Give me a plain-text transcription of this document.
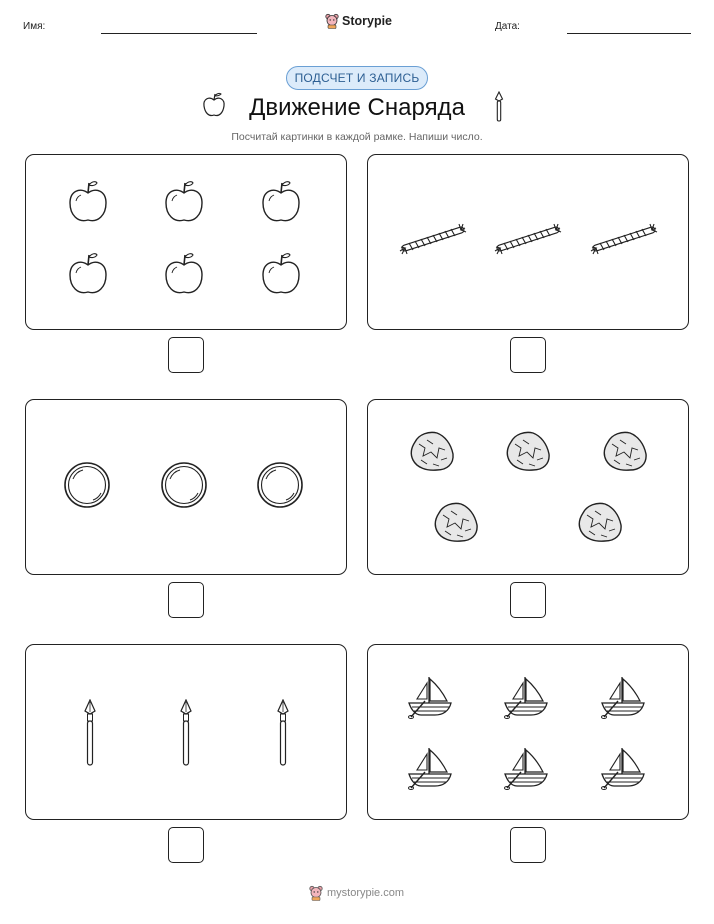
Имя:	Storypie	Дата:
ПОДСЧЕТ И ЗАПИСЬ
Движение Снаряда
Посчитай картинки в каждой рамке. Напиши число.
mystorypie.com
